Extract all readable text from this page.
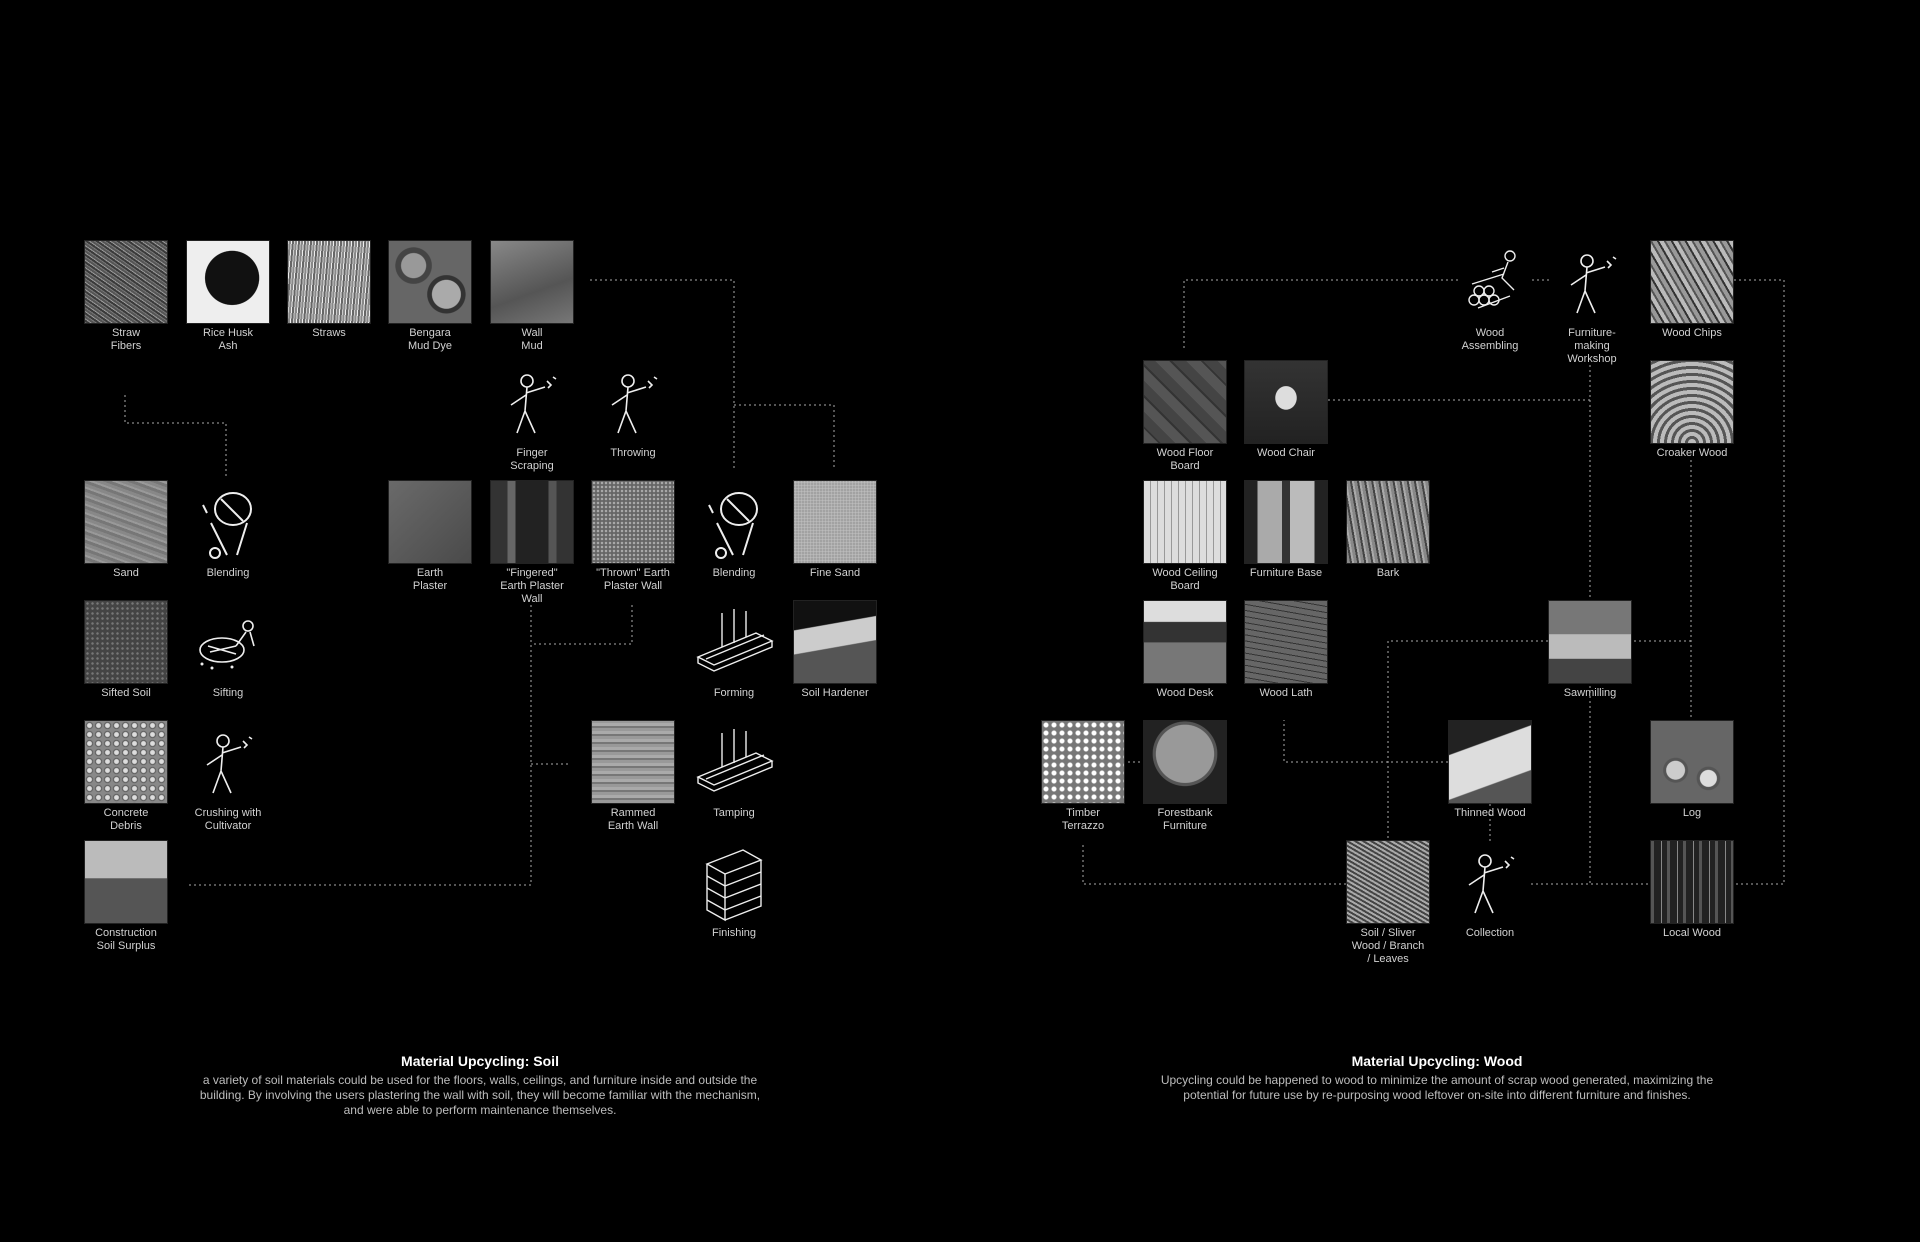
Straw
Fibers
Rice Husk
Ash
Straws	Bengara
Mud Dye
Wall
Mud
Finger
Scraping
Throwing
Sand	Blending	Earth
Plaster
"Fingered"
Earth Plaster
Wall
"Thrown" Earth
Plaster Wall
Blending	Fine Sand
Sifted Soil	Sifting	Forming	Soil Hardener
Concrete
Debris
Crushing with
Cultivator
Rammed
Earth Wall
Tamping
Construction
Soil Surplus
Finishing
Wood
Assembling
Furniture-
making
Workshop
Wood Chips
Wood Floor
Board
Wood Chair	Croaker Wood
Wood Ceiling
Board
Furniture Base	Bark
Wood Desk	Wood Lath	Sawmilling
Timber
Terrazzo
Forestbank
Furniture
Thinned Wood	Log
Soil / Sliver
Wood / Branch
/ Leaves
Collection	Local Wood
Material Upcycling: Soil

a variety of soil materials could be used for the floors, walls, ceilings, and furniture inside and outside the building. By involving the users plastering the wall with soil, they will become familiar with the mechanism, and were able to perform maintenance themselves.

Material Upcycling: Wood

Upcycling could be happened to wood to minimize the amount of scrap wood generated, maximizing the potential for future use by re-purposing wood leftover on-site into different furniture and finishes.
